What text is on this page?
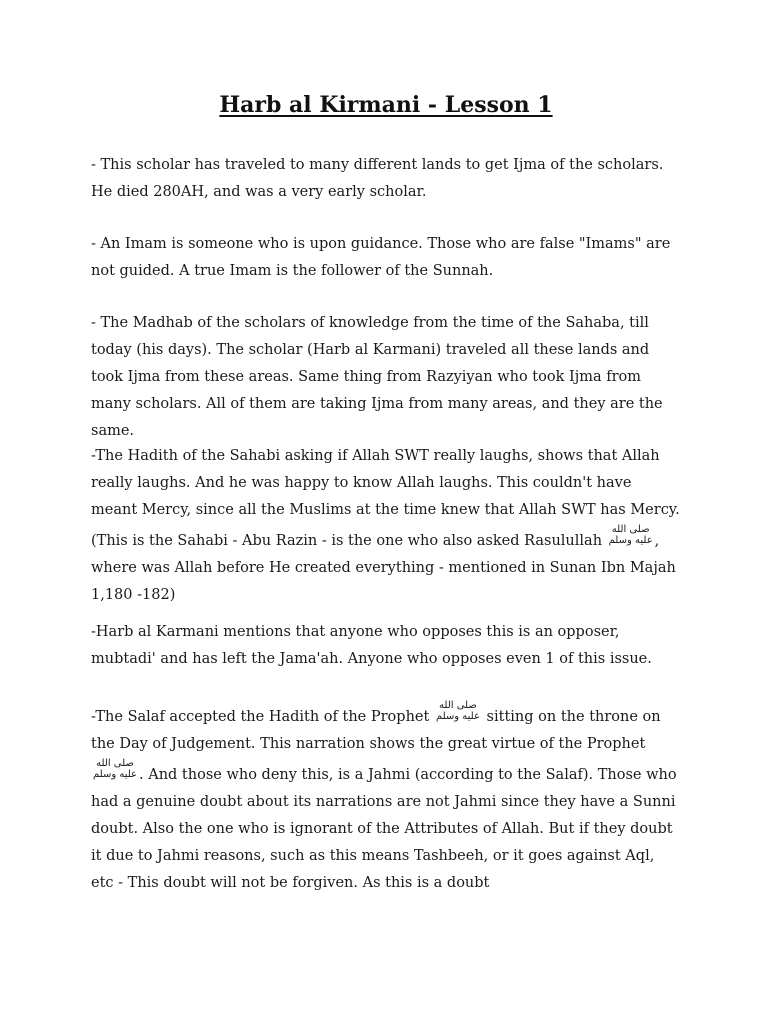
Harb al Kirmani - Lesson 1

- This scholar has traveled to many different lands to get Ijma of the scholars. He died 280AH, and was a very early scholar.

- An Imam is someone who is upon guidance. Those who are false "Imams" are not guided. A true Imam is the follower of the Sunnah.

- The Madhab of the scholars of knowledge from the time of the Sahaba, till today (his days). The scholar (Harb al Karmani) traveled all these lands and took Ijma from these areas. Same thing from Razyiyan who took Ijma from many scholars. All of them are taking Ijma from many areas, and they are the same.

-The Hadith of the Sahabi asking if Allah SWT really laughs, shows that Allah really laughs. And he was happy to know Allah laughs. This couldn't have meant Mercy, since all the Muslims at the time knew that Allah SWT has Mercy. (This is the Sahabi - Abu Razin - is the one who also asked Rasulullah
صلى الله
عليه وسلم , where was Allah before He created everything - mentioned in Sunan Ibn Majah 1,180 -182)

-Harb al Karmani mentions that anyone who opposes this is an opposer, mubtadi' and has left the Jama'ah. Anyone who opposes even 1 of this issue.

-The Salaf accepted the Hadith of the Prophet
صلى الله
عليه وسلم sitting on the throne on the Day of Judgement. This narration shows the great virtue of the Prophet
صلى الله
عليه وسلم . And those who deny this, is a Jahmi (according to the Salaf). Those who had a genuine doubt about its narrations are not Jahmi since they have a Sunni doubt. Also the one who is ignorant of the Attributes of Allah. But if they doubt it due to Jahmi reasons, such as this means Tashbeeh, or it goes against Aql, etc - This doubt will not be forgiven. As this is a doubt
